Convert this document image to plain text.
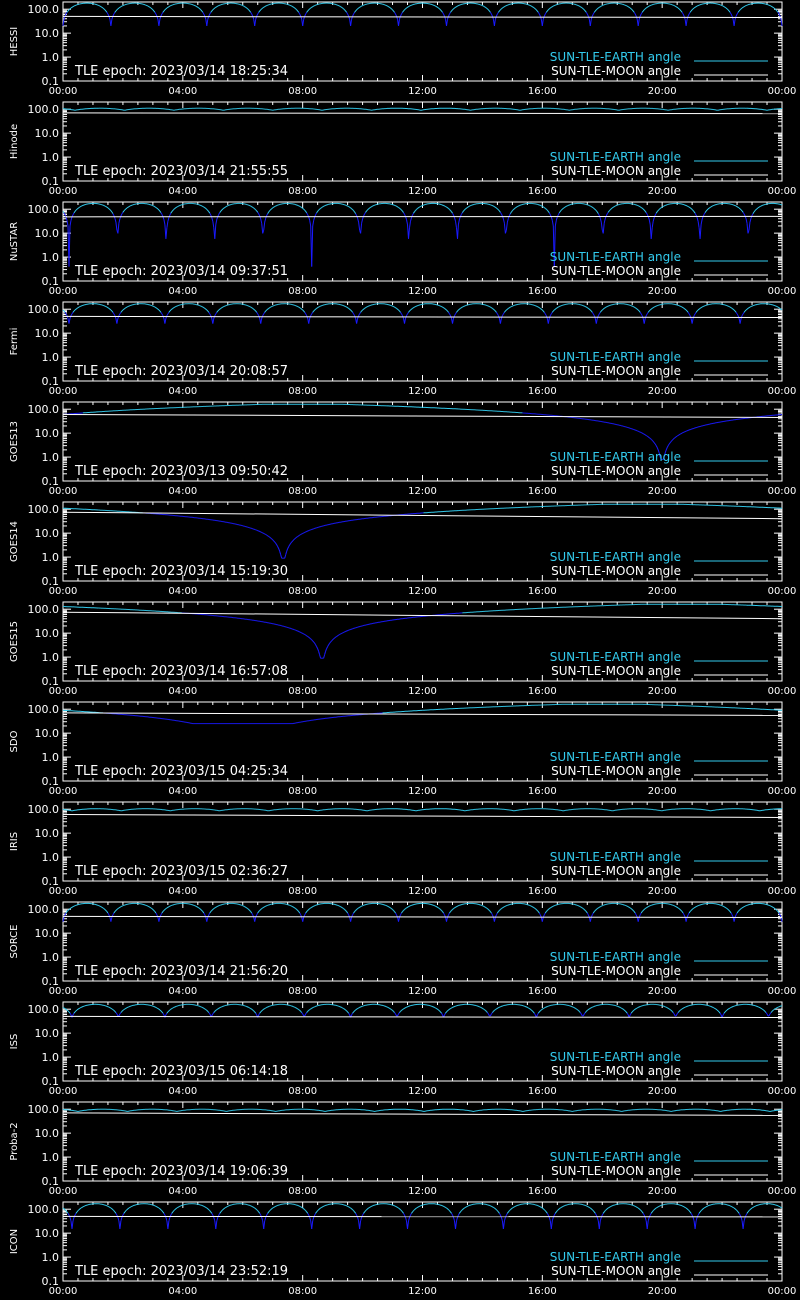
100.0
10.0
1.0
0.1
00:00	04:00	08:00	12:00	16:00	20:00	00:00
HESSI
TLE epoch: 2023/03/14 18:25:34
SUN-TLE-EARTH angle
SUN-TLE-MOON angle
100.0
10.0
1.0
0.1
00:00	04:00	08:00	12:00	16:00	20:00	00:00
Hinode
TLE epoch: 2023/03/14 21:55:55
SUN-TLE-EARTH angle
SUN-TLE-MOON angle
100.0
10.0
1.0
0.1
00:00	04:00	08:00	12:00	16:00	20:00	00:00
NuSTAR
TLE epoch: 2023/03/14 09:37:51
SUN-TLE-EARTH angle
SUN-TLE-MOON angle
100.0
10.0
1.0
0.1
00:00	04:00	08:00	12:00	16:00	20:00	00:00
Fermi
TLE epoch: 2023/03/14 20:08:57
SUN-TLE-EARTH angle
SUN-TLE-MOON angle
100.0
10.0
1.0
0.1
00:00	04:00	08:00	12:00	16:00	20:00	00:00
GOES13
TLE epoch: 2023/03/13 09:50:42
SUN-TLE-EARTH angle
SUN-TLE-MOON angle
100.0
10.0
1.0
0.1
00:00	04:00	08:00	12:00	16:00	20:00	00:00
GOES14
TLE epoch: 2023/03/14 15:19:30
SUN-TLE-EARTH angle
SUN-TLE-MOON angle
100.0
10.0
1.0
0.1
00:00	04:00	08:00	12:00	16:00	20:00	00:00
GOES15
TLE epoch: 2023/03/14 16:57:08
SUN-TLE-EARTH angle
SUN-TLE-MOON angle
100.0
10.0
1.0
0.1
00:00	04:00	08:00	12:00	16:00	20:00	00:00
SDO
TLE epoch: 2023/03/15 04:25:34
SUN-TLE-EARTH angle
SUN-TLE-MOON angle
100.0
10.0
1.0
0.1
00:00	04:00	08:00	12:00	16:00	20:00	00:00
IRIS
TLE epoch: 2023/03/15 02:36:27
SUN-TLE-EARTH angle
SUN-TLE-MOON angle
100.0
10.0
1.0
0.1
00:00	04:00	08:00	12:00	16:00	20:00	00:00
SORCE
TLE epoch: 2023/03/14 21:56:20
SUN-TLE-EARTH angle
SUN-TLE-MOON angle
100.0
10.0
1.0
0.1
00:00	04:00	08:00	12:00	16:00	20:00	00:00
ISS
TLE epoch: 2023/03/15 06:14:18
SUN-TLE-EARTH angle
SUN-TLE-MOON angle
100.0
10.0
1.0
0.1
00:00	04:00	08:00	12:00	16:00	20:00	00:00
Proba-2
TLE epoch: 2023/03/14 19:06:39
SUN-TLE-EARTH angle
SUN-TLE-MOON angle
100.0
10.0
1.0
0.1
00:00	04:00	08:00	12:00	16:00	20:00	00:00
ICON
TLE epoch: 2023/03/14 23:52:19
SUN-TLE-EARTH angle
SUN-TLE-MOON angle
